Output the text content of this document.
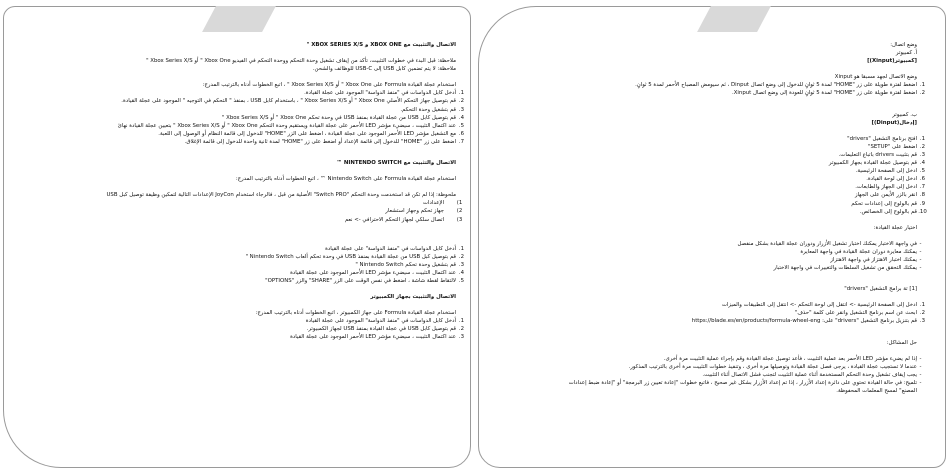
الاتصال والتثبيت مع XBOX ONE و XBOX SERIES X/S "
ملاحظة: قبل البدء في خطوات التثبيت، تأكد من إيقاف تشغيل وحدة التحكم ووحدة التحكم في الفيديو Xbox One " أو Xbox Series X/S "
ملاحظة: لا يتم تضمين كابل USB إلى USB-C للوظائف والشحن.
استخدام عجلة القيادة Formula على Xbox One " أو Xbox Series X/S " ، اتبع الخطوات أدناه بالترتيب المدرج:
1.
أدخل كابل الدواسات في "منفذ الدواسة" الموجود على عجلة القيادة.
2.
قم بتوصيل جهاز التحكم الأصلي Xbox One " أو Xbox Series X/S " ، باستخدام كابل USB ، بمنفذ " التحكم في التوجيه " الموجود على عجلة القيادة.
3.
قم بتشغيل وحدة التحكم.
4.
قم بتوصيل كابل USB من عجلة القيادة بمنفذ USB في وحدة تحكم Xbox One " أو Xbox Series X/S "
5.
عند اكتمال التثبيت ، سيضيء مؤشر LED الأحمر على عجلة القيادة ويستقيم وحدة التحكم Xbox One " أو Xbox Series X/S " بتعيين عجلة القيادة نهائ
6.
مع التشغيل مؤشر LED الأحمر الموجود على عجلة القيادة ، اضغط على الزر "HOME" للدخول إلى قائمة النظام أو الوصول إلى اللعبة.
7.
اضغط على زر "HOME" للدخول إلى قائمة الإعداد أو اضغط على زر "HOME" لمدة ثانية واحدة للدخول إلى قائمة الإغلاق.
الاتصال والتثبيت مع NINTENDO SWITCH ™
استخدام عجلة القيادة Formula على Nintendo Switch ™ ، اتبع الخطوات أدناه بالترتيب المدرج:
ملحوظة: إذا لم تكن قد استخدمت وحدة التحكم "Switch PRO" الأصلية من قبل ، فالرجاء استخدام JoyCon الإعدادات التالية لتمكين وظيفة توصيل كبل USB
1)
الإعدادات
2)
جهاز تحكم وجهاز استشعار
3)
اتصال سلكي لجهاز التحكم الاحترافي -> نعم
1.
أدخل كابل الدواسات في "منفذ الدواسة" على عجلة القيادة
2.
قم بتوصيل كبل USB من عجلة القيادة بمنفذ USB في وحدة تحكم ألعاب Nintendo Switch "
3.
قم بتشغيل وحدة تحكم Nintendo Switch "
4.
عند اكتمال التثبيت ، سيضيء مؤشر LED الأحمر الموجود على عجلة القيادة
5.
لالتقاط لقطة شاشة ، اضغط في نفس الوقت على الزر "SHARE" والزر "OPTIONS"
الاتصال والتثبيت بجهاز الكمبيوتر
استخدام عجلة القيادة Formula على جهاز الكمبيوتر ، اتبع الخطوات أدناه بالترتيب المدرج:
1.
أدخل كابل الدواسات في "منفذ الدواسة" الموجود على عجلة القيادة
2.
قم بتوصيل كابل USB في عجلة القيادة بمنفذ USB لجهاز الكمبيوتر.
3.
عند اكتمال التثبيت ، سيضيء مؤشر LED الأحمر الموجود على عجلة القيادة
وضع اتصال:
أ. كمبيوتر
[كمبيوتر(Xinput)]
وضع الاتصال لجهد مسبقا هو Xinput
1.
اضغط لفترة طويلة على زر "HOME" لمدة 5 ثوانٍ للدخول إلى وضع اتصال Dinput ، ثم سيومض المصباح الأحمر لمدة 5 ثوانٍ.
2.
اضغط لفترة طويلة على زر "HOME" لمدة 5 ثوانٍ للعودة إلى وضع اتصال Xinput.
ب. كمبيوتر
[إدخال(Dinput)]
1.
افتح برنامج التشغيل "drivers"
2.
اضغط على "SETUP"
3.
قم بتثبيت drivers باتباع التعليمات.
4.
قم بتوصيل عجلة القيادة بجهاز الكمبيوتر
5.
ادخل إلى الصفحة الرئيسية.
6.
ادخل إلى لوحة القيادة.
7.
ادخل إلى الجهاز والطابعات.
8.
انقر بالزر الأيمن على الجهاز
9.
قم بالولوج إلى إعدادات تحكم
10.
قم بالولوج إلى الخصائص.
اختيار عجلة القيادة:
-
في واجهة الاختبار يمكنك اختبار تشغيل الأزرار ودوران عجلة القيادة بشكل منفصل
-
يمكنك معايرة دوران عجلة القيادة في واجهة المعايرة
-
يمكنك اختبار الاهتزاز في واجهة الاهتزاز
-
يمكنك التحقق من تشغيل السلطات والتغييرات في واجهة الاختبار
[1] تة برامج التشغيل "drivers"
1.
ادخل إلى الصفحة الرئيسية -> انتقل إلى لوحة التحكم -> انتقل إلى التطبيقات والميزات
2.
ابحث عن اسم برنامج التشغيل وانقر على كلمة "حذف"
3.
قم بتنزيل برنامج التشغيل "drivers" على: https://blade.es/en/products/formula-wheel-eng
حل المشاكل:
-
إذا لم يضيء مؤشر LED الأحمر بعد عملية التثبيت ، فأعد توصيل عجلة القيادة وقم بإجراء عملية التثبيت مرة أخرى.
-
عندما لا تستجيب عجلة القيادة ، يرجى فصل عجلة القيادة وتوصيلها مرة أخرى ، وتنفيذ خطوات التثبيت مرة أخرى بالترتيب المذكور.
-
يجب إيقاف تشغيل وحدة التحكم المستخدمة أثناء عملية التثبيت لتجنب فشل الاتصال أثناء التثبيت.
-
تلميح: في حالة القيادة تحتوي على دائرة إعداد الأزرار ، إذا تم إعداد الأزرار بشكل غير صحيح ، فاتبع خطوات "إعادة تعيين زر البرمجة" أو "إعادة ضبط إعدادات
المصنع" لمسح المعلمات المحفوظة.
